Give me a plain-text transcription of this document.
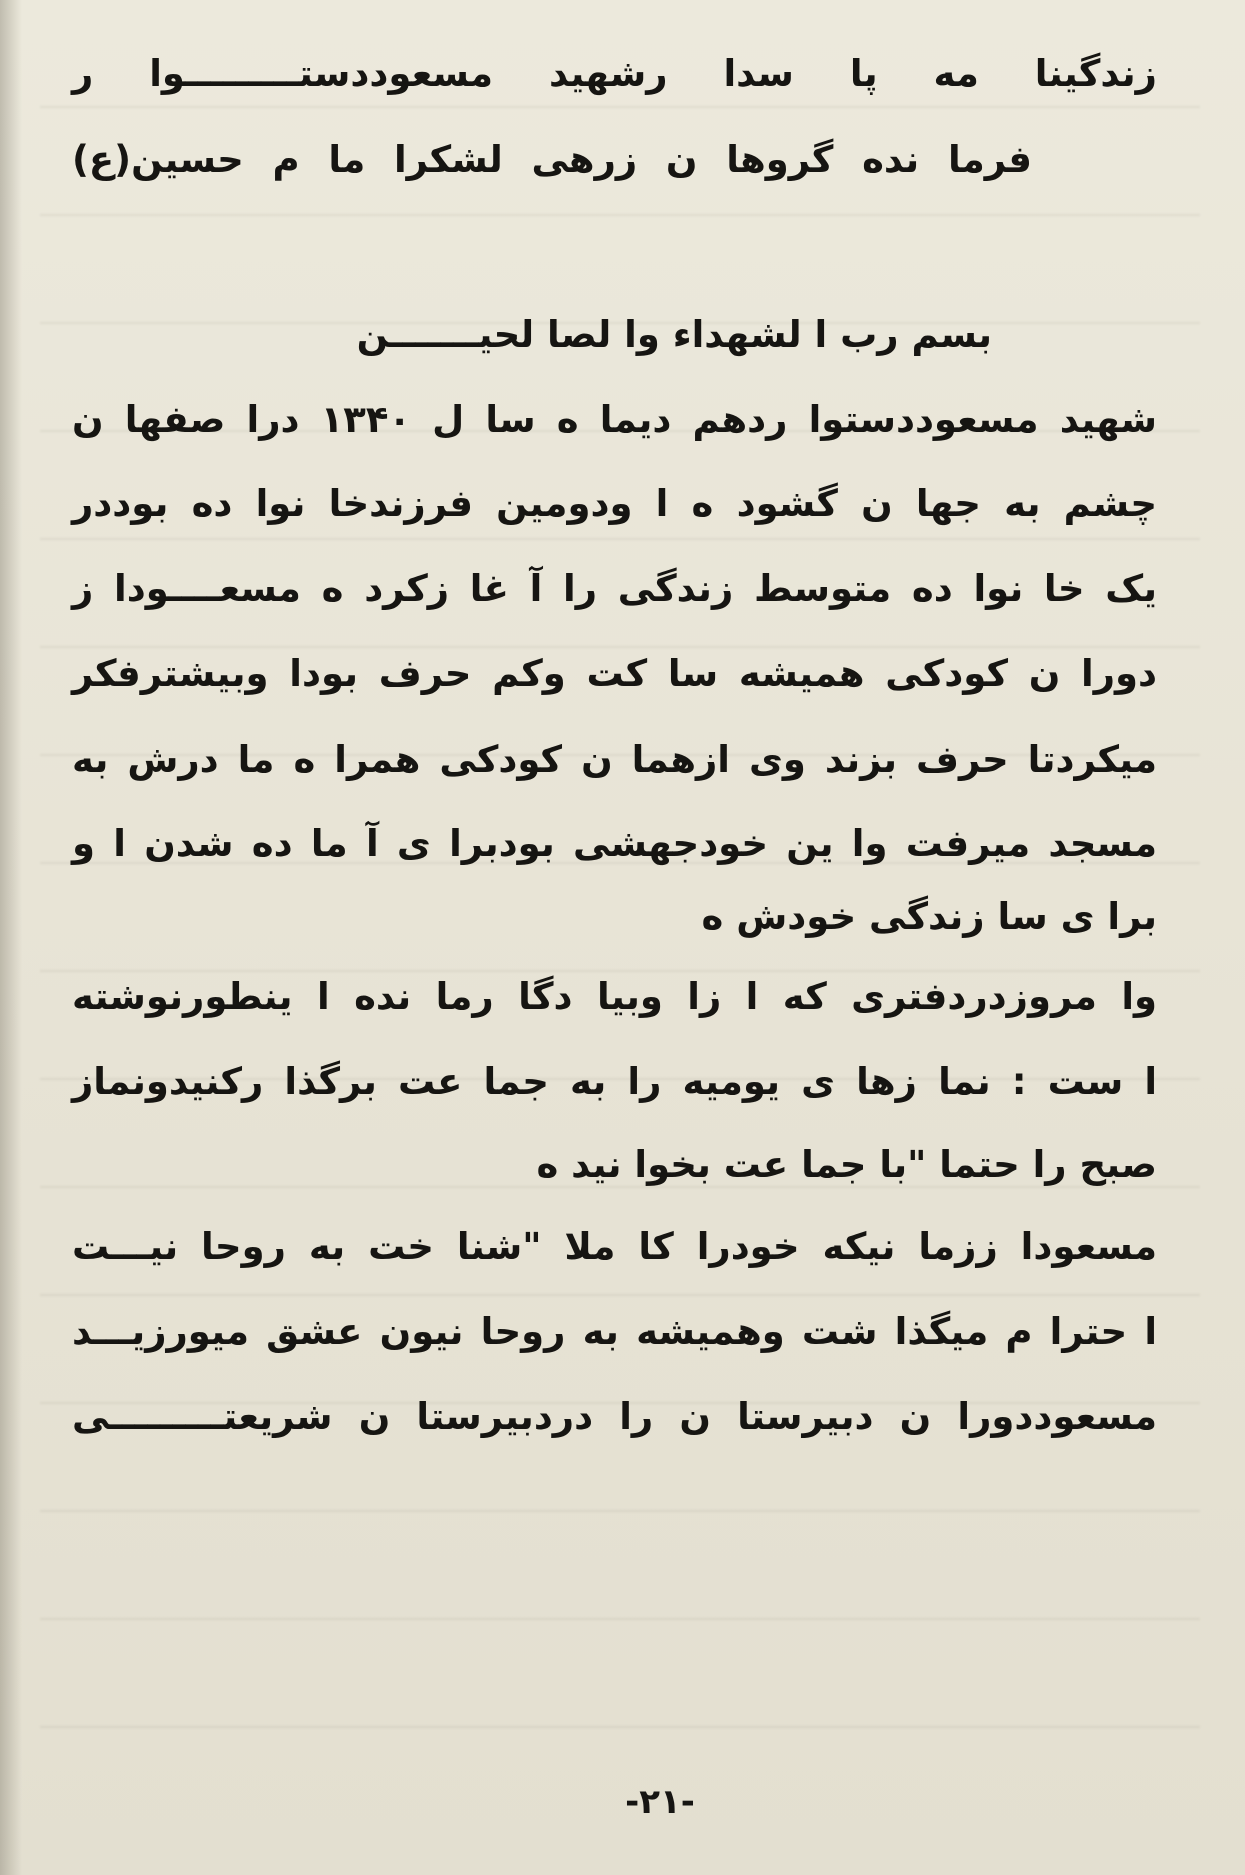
زندگینا مه پا سدا رشهید مسعوددستـــــــــوا ر
فرما نده گروها ن زرهی لشکرا ما م حسین(ع)
بسم رب ا لشهداء وا لصا لحیـــــــن
شهید مسعوددستوا ردهم دیما ه سا ل ۱۳۴۰ درا صفها ن
چشم به جها ن گشود ه ا ودومین فرزندخا نوا ده بوددر
یک خا نوا ده متوسط زندگی را آ غا زکرد ه مسعــــودا ز
دورا ن کودکی همیشه سا کت وکم حرف بودا وبیشترفکر
میکردتا حرف بزند وی ازهما ن کودکی همرا ه ما درش به
مسجد میرفت وا ین خودجهشی بودبرا ی آ ما ده شدن ا و
برا ی سا زندگی خودش ه
وا مروزدردفتری که ا زا وبیا دگا رما نده ا ینطورنوشته
ا ست : نما زها ی یومیه را به جما عت برگذا رکنیدونماز
صبح را حتما "با جما عت بخوا نید ه
مسعودا ززما نیکه خودرا کا ملا "شنا خت به روحا نیـــت
ا حترا م میگذا شت وهمیشه به روحا نیون عشق میورزیـــد
مسعوددورا ن دبیرستا ن را دردبیرستا ن شریعتـــــــــی
-۲۱-
